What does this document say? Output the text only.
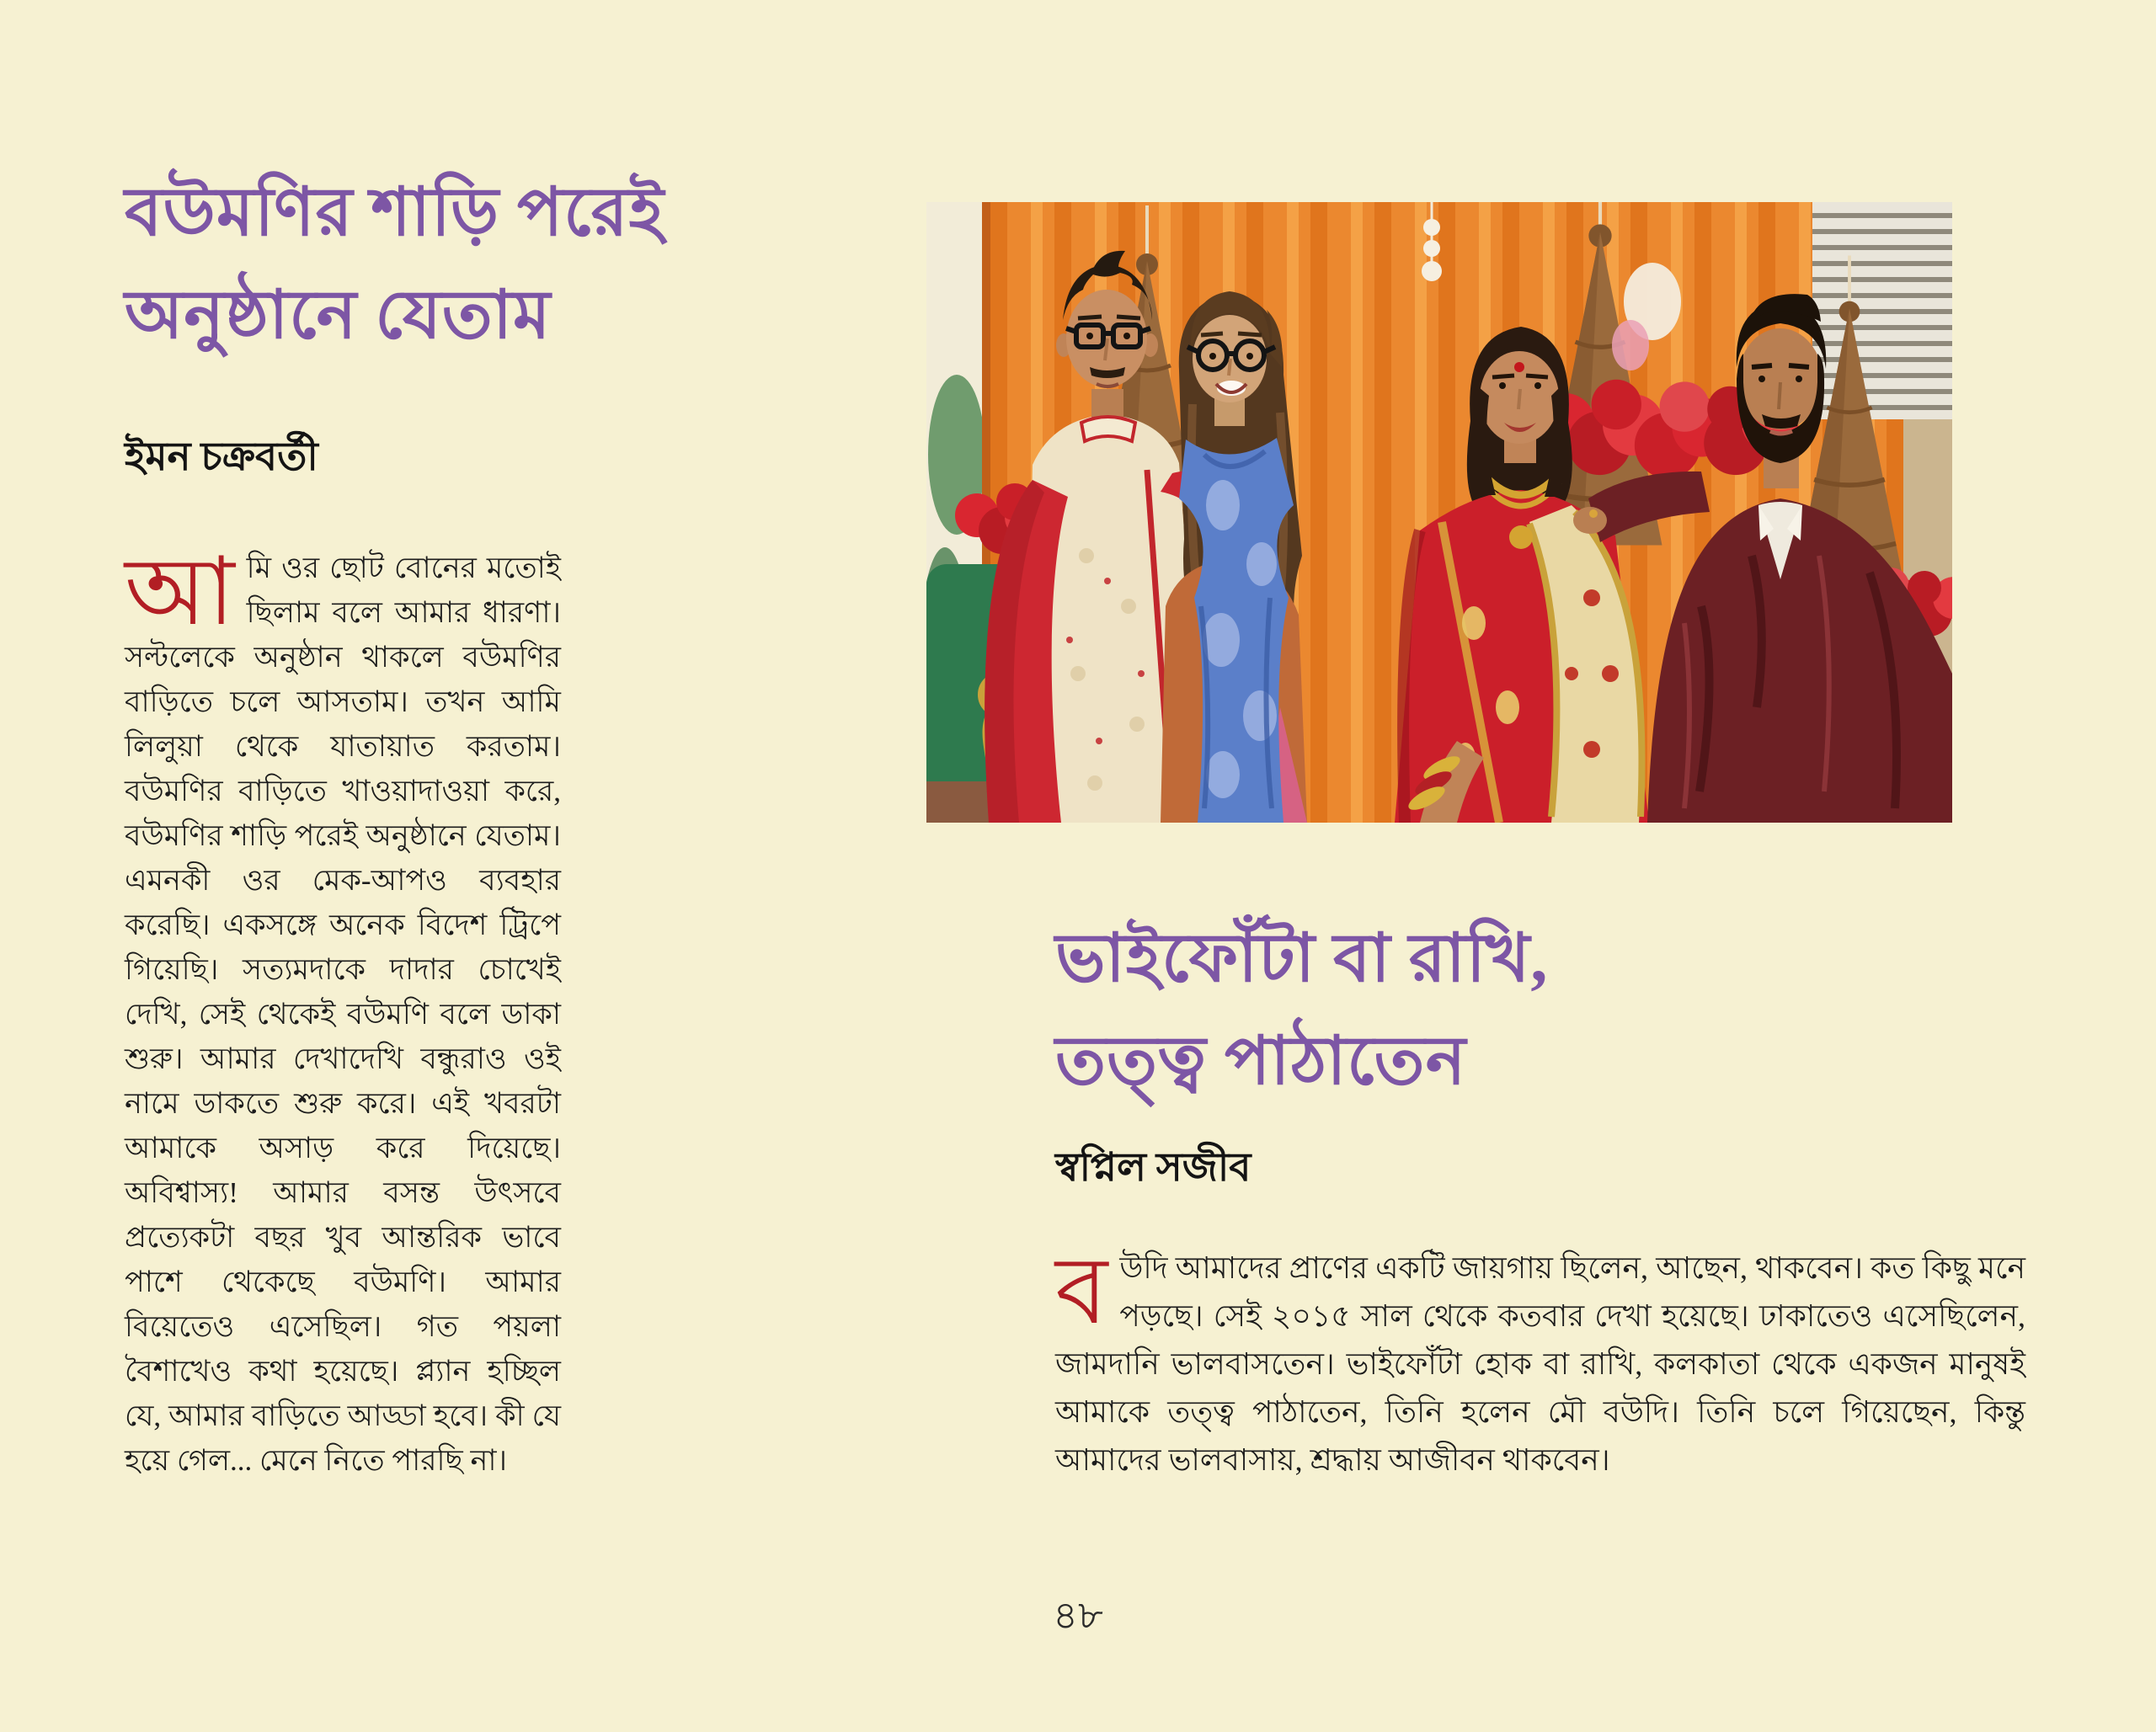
বউমণির শাড়ি পরেই
অনুষ্ঠানে যেতাম
ইমন চক্রবর্তী
আমি ওর ছোট বোনের মতোই ছিলাম বলে আমার ধারণা। সল্টলেকে অনুষ্ঠান থাকলে বউমণির বাড়িতে চলে আসতাম। তখন আমি লিলুয়া থেকে যাতায়াত করতাম। বউমণির বাড়িতে খাওয়াদাওয়া করে, বউমণির শাড়ি পরেই অনুষ্ঠানে যেতাম। এমনকী ওর মেক-আপও ব্যবহার করেছি। একসঙ্গে অনেক বিদেশ ট্রিপে গিয়েছি। সত্যমদাকে দাদার চোখেই দেখি, সেই থেকেই বউমণি বলে ডাকা শুরু। আমার দেখাদেখি বন্ধুরাও ওই নামে ডাকতে শুরু করে। এই খবরটা আমাকে অসাড় করে দিয়েছে। অবিশ্বাস্য! আমার বসন্ত উৎসবে প্রত্যেকটা বছর খুব আন্তরিক ভাবে পাশে থেকেছে বউমণি। আমার বিয়েতেও এসেছিল। গত পয়লা বৈশাখেও কথা হয়েছে। প্ল্যান হচ্ছিল যে, আমার বাড়িতে আড্ডা হবে। কী যে হয়ে গেল... মেনে নিতে পারছি না।
ভাইফোঁটা বা রাখি,
তত্ত্ব পাঠাতেন
স্বপ্নিল সজীব
বউদি আমাদের প্রাণের একটি জায়গায় ছিলেন, আছেন, থাকবেন। কত কিছু মনে পড়ছে। সেই ২০১৫ সাল থেকে কতবার দেখা হয়েছে। ঢাকাতেও এসেছিলেন, জামদানি ভালবাসতেন। ভাইফোঁটা হোক বা রাখি, কলকাতা থেকে একজন মানুষই আমাকে তত্ত্ব পাঠাতেন, তিনি হলেন মৌ বউদি। তিনি চলে গিয়েছেন, কিন্তু আমাদের ভালবাসায়, শ্রদ্ধায় আজীবন থাকবেন।
৪৮
